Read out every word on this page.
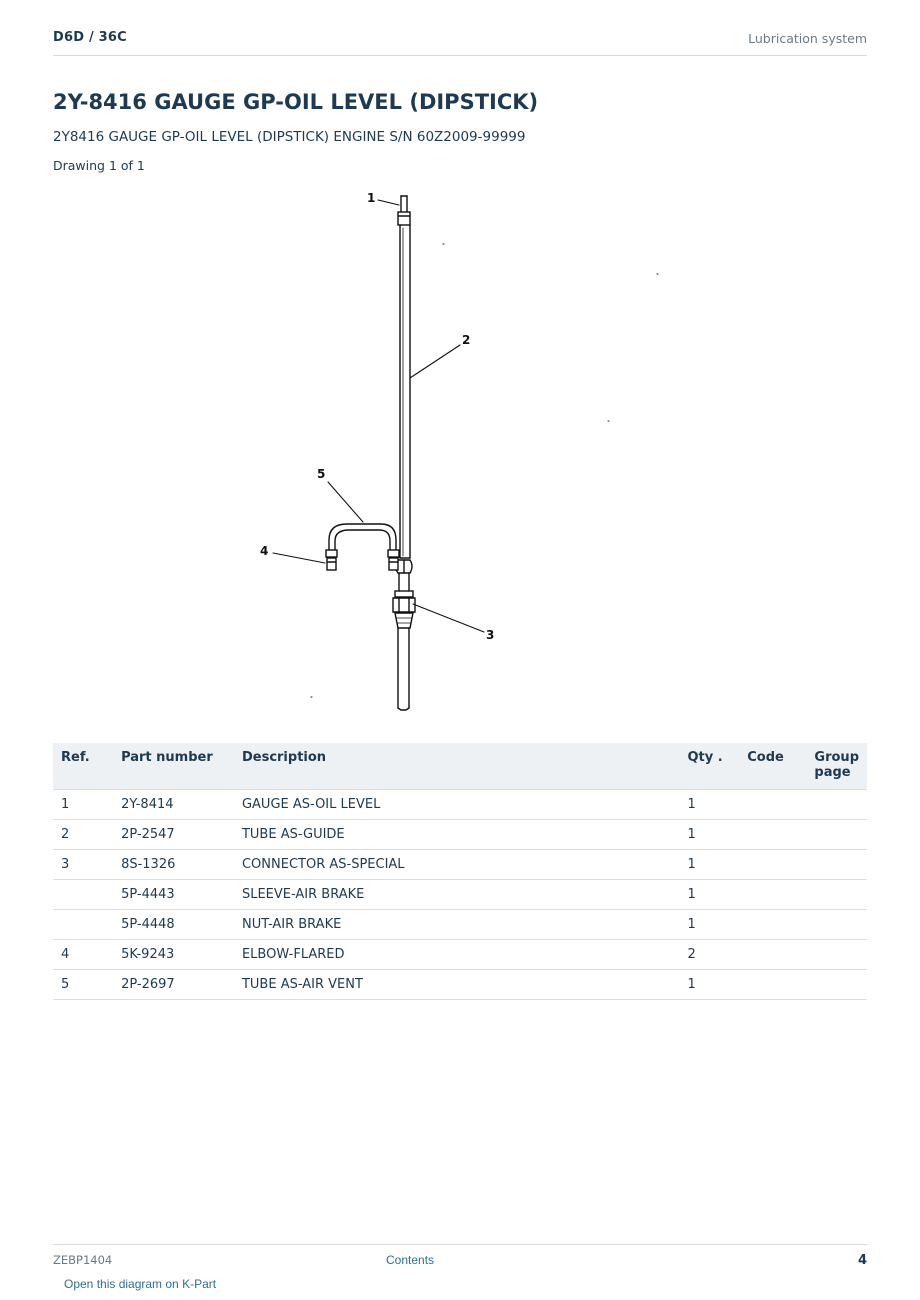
D6D / 36C	Lubrication system
2Y-8416 GAUGE GP-OIL LEVEL (DIPSTICK)
2Y8416 GAUGE GP-OIL LEVEL (DIPSTICK) ENGINE S/N 60Z2009-99999
Drawing 1 of 1
1
2
3
4
5
Ref.	Part number	Description	Qty .	Code	Group page
1	2Y-8414	GAUGE AS-OIL LEVEL	1		
2	2P-2547	TUBE AS-GUIDE	1		
3	8S-1326	CONNECTOR AS-SPECIAL	1		
	5P-4443	SLEEVE-AIR BRAKE	1		
	5P-4448	NUT-AIR BRAKE	1		
4	5K-9243	ELBOW-FLARED	2		
5	2P-2697	TUBE AS-AIR VENT	1		
ZEBP1404	Contents	4
Open this diagram on K-Part
